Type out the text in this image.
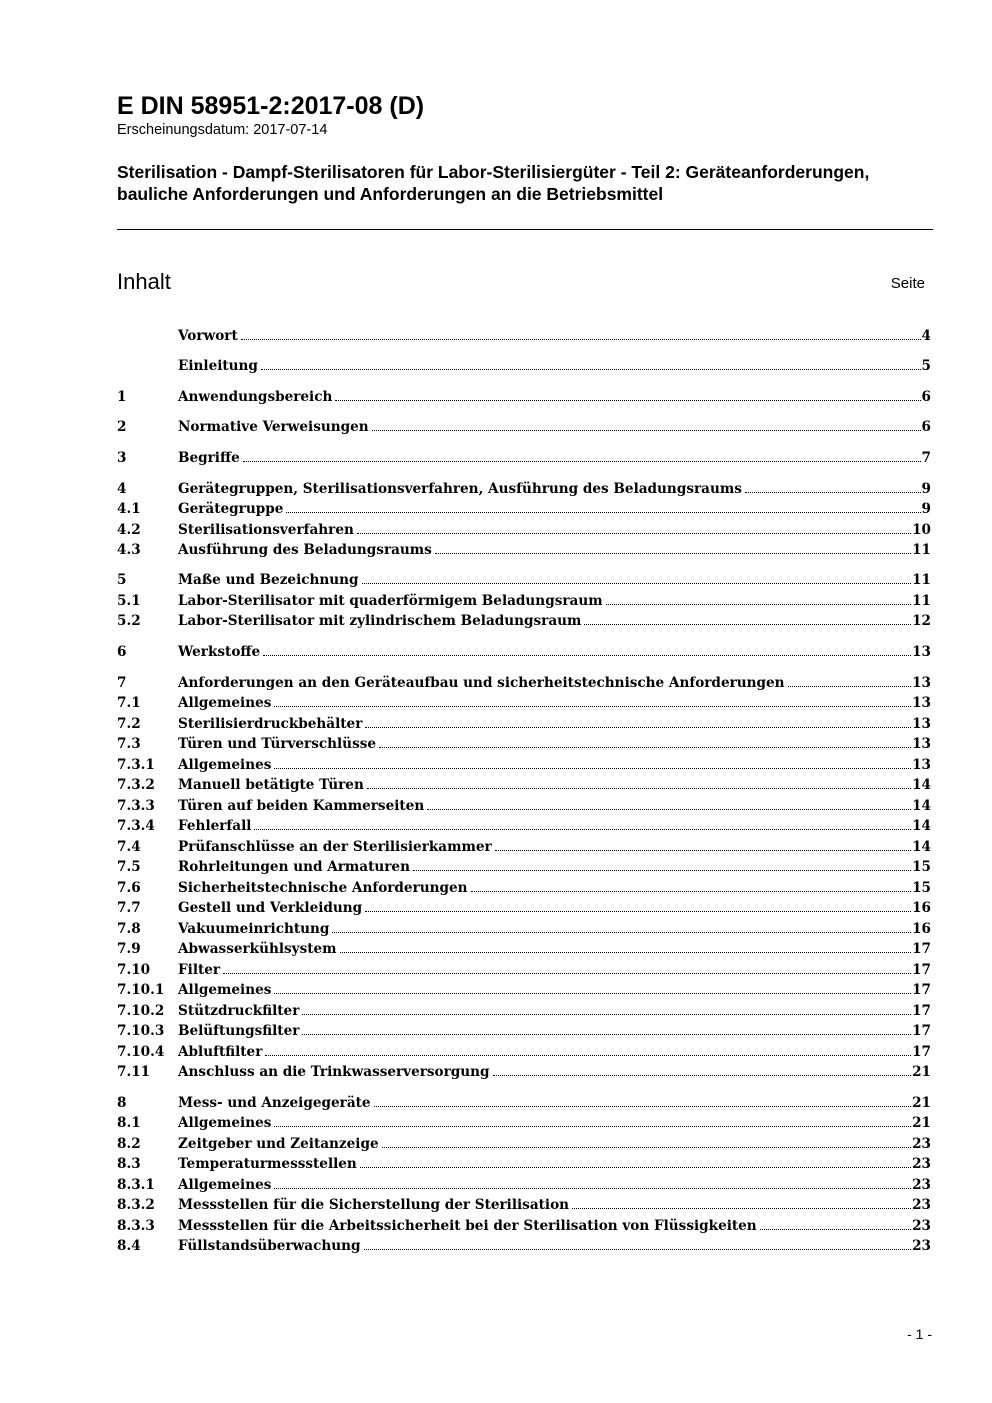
E DIN 58951-2:2017-08 (D)
Erscheinungsdatum: 2017-07-14
Sterilisation - Dampf-Sterilisatoren für Labor-Sterilisiergüter - Teil 2: Geräteanforderungen, bauliche Anforderungen und Anforderungen an die Betriebsmittel
Inhalt	Seite
Vorwort	4
Einleitung	5
1	Anwendungsbereich	6
2	Normative Verweisungen	6
3	Begriffe	7
4	Gerätegruppen, Sterilisationsverfahren, Ausführung des Beladungsraums	9
4.1	Gerätegruppe	9
4.2	Sterilisationsverfahren	10
4.3	Ausführung des Beladungsraums	11
5	Maße und Bezeichnung	11
5.1	Labor-Sterilisator mit quaderförmigem Beladungsraum	11
5.2	Labor-Sterilisator mit zylindrischem Beladungsraum	12
6	Werkstoffe	13
7	Anforderungen an den Geräteaufbau und sicherheitstechnische Anforderungen	13
7.1	Allgemeines	13
7.2	Sterilisierdruckbehälter	13
7.3	Türen und Türverschlüsse	13
7.3.1	Allgemeines	13
7.3.2	Manuell betätigte Türen	14
7.3.3	Türen auf beiden Kammerseiten	14
7.3.4	Fehlerfall	14
7.4	Prüfanschlüsse an der Sterilisierkammer	14
7.5	Rohrleitungen und Armaturen	15
7.6	Sicherheitstechnische Anforderungen	15
7.7	Gestell und Verkleidung	16
7.8	Vakuumeinrichtung	16
7.9	Abwasserkühlsystem	17
7.10	Filter	17
7.10.1	Allgemeines	17
7.10.2	Stützdruckfilter	17
7.10.3	Belüftungsfilter	17
7.10.4	Abluftfilter	17
7.11	Anschluss an die Trinkwasserversorgung	21
8	Mess- und Anzeigegeräte	21
8.1	Allgemeines	21
8.2	Zeitgeber und Zeitanzeige	23
8.3	Temperaturmessstellen	23
8.3.1	Allgemeines	23
8.3.2	Messstellen für die Sicherstellung der Sterilisation	23
8.3.3	Messstellen für die Arbeitssicherheit bei der Sterilisation von Flüssigkeiten	23
8.4	Füllstandsüberwachung	23
- 1 -
